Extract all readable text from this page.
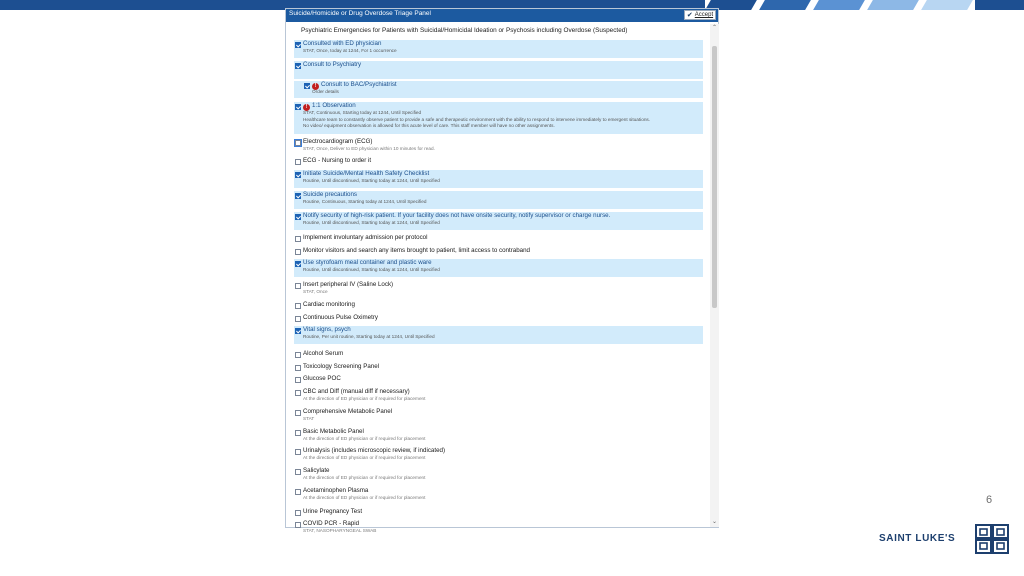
Suicide/Homicide or Drug Overdose Triage Panel	✔ Accept
Psychiatric Emergencies for Patients with Suicidal/Homicidal Ideation or Psychosis including Overdose (Suspected)
Consulted with ED physician
STAT, Once, today at 1244, For 1 occurrence
Consult to Psychiatry
! Consult to BAC/Psychiatrist
Order details
! 1:1 Observation
STAT, Continuous, Starting today at 1244, Until Specified
Healthcare team to constantly observe patient to provide a safe and therapeutic environment with the ability to respond to intervene immediately to emergent situations.
No video/ equipment observation is allowed for this acute level of care. This staff member will have no other assignments.
Electrocardiogram (ECG)
STAT, Once, Deliver to ED physician within 10 minutes for read.
ECG - Nursing to order it
Initiate Suicide/Mental Health Safety Checklist
Routine, Until discontinued, Starting today at 1244, Until Specified
Suicide precautions
Routine, Continuous, Starting today at 1244, Until Specified
Notify security of high-risk patient. If your facility does not have onsite security, notify supervisor or charge nurse.
Routine, Until discontinued, Starting today at 1244, Until Specified
Implement involuntary admission per protocol
Monitor visitors and search any items brought to patient, limit access to contraband
Use styrofoam meal container and plastic ware
Routine, Until discontinued, Starting today at 1244, Until Specified
Insert peripheral IV (Saline Lock)
STAT, Once
Cardiac monitoring
Continuous Pulse Oximetry
Vital signs, psych
Routine, Per unit routine, Starting today at 1244, Until Specified
Alcohol Serum
Toxicology Screening Panel
Glucose POC
CBC and Diff (manual diff if necessary)
At the direction of ED physician or if required for placement
Comprehensive Metabolic Panel
STAT
Basic Metabolic Panel
At the direction of ED physician or if required for placement
Urinalysis (includes microscopic review, if indicated)
At the direction of ED physician or if required for placement
Salicylate
At the direction of ED physician or if required for placement
Acetaminophen Plasma
At the direction of ED physician or if required for placement
Urine Pregnancy Test
COVID PCR - Rapid
STAT, NASOPHARYNGEAL SWAB
⌃
⌄
6
SAINT LUKE'S
